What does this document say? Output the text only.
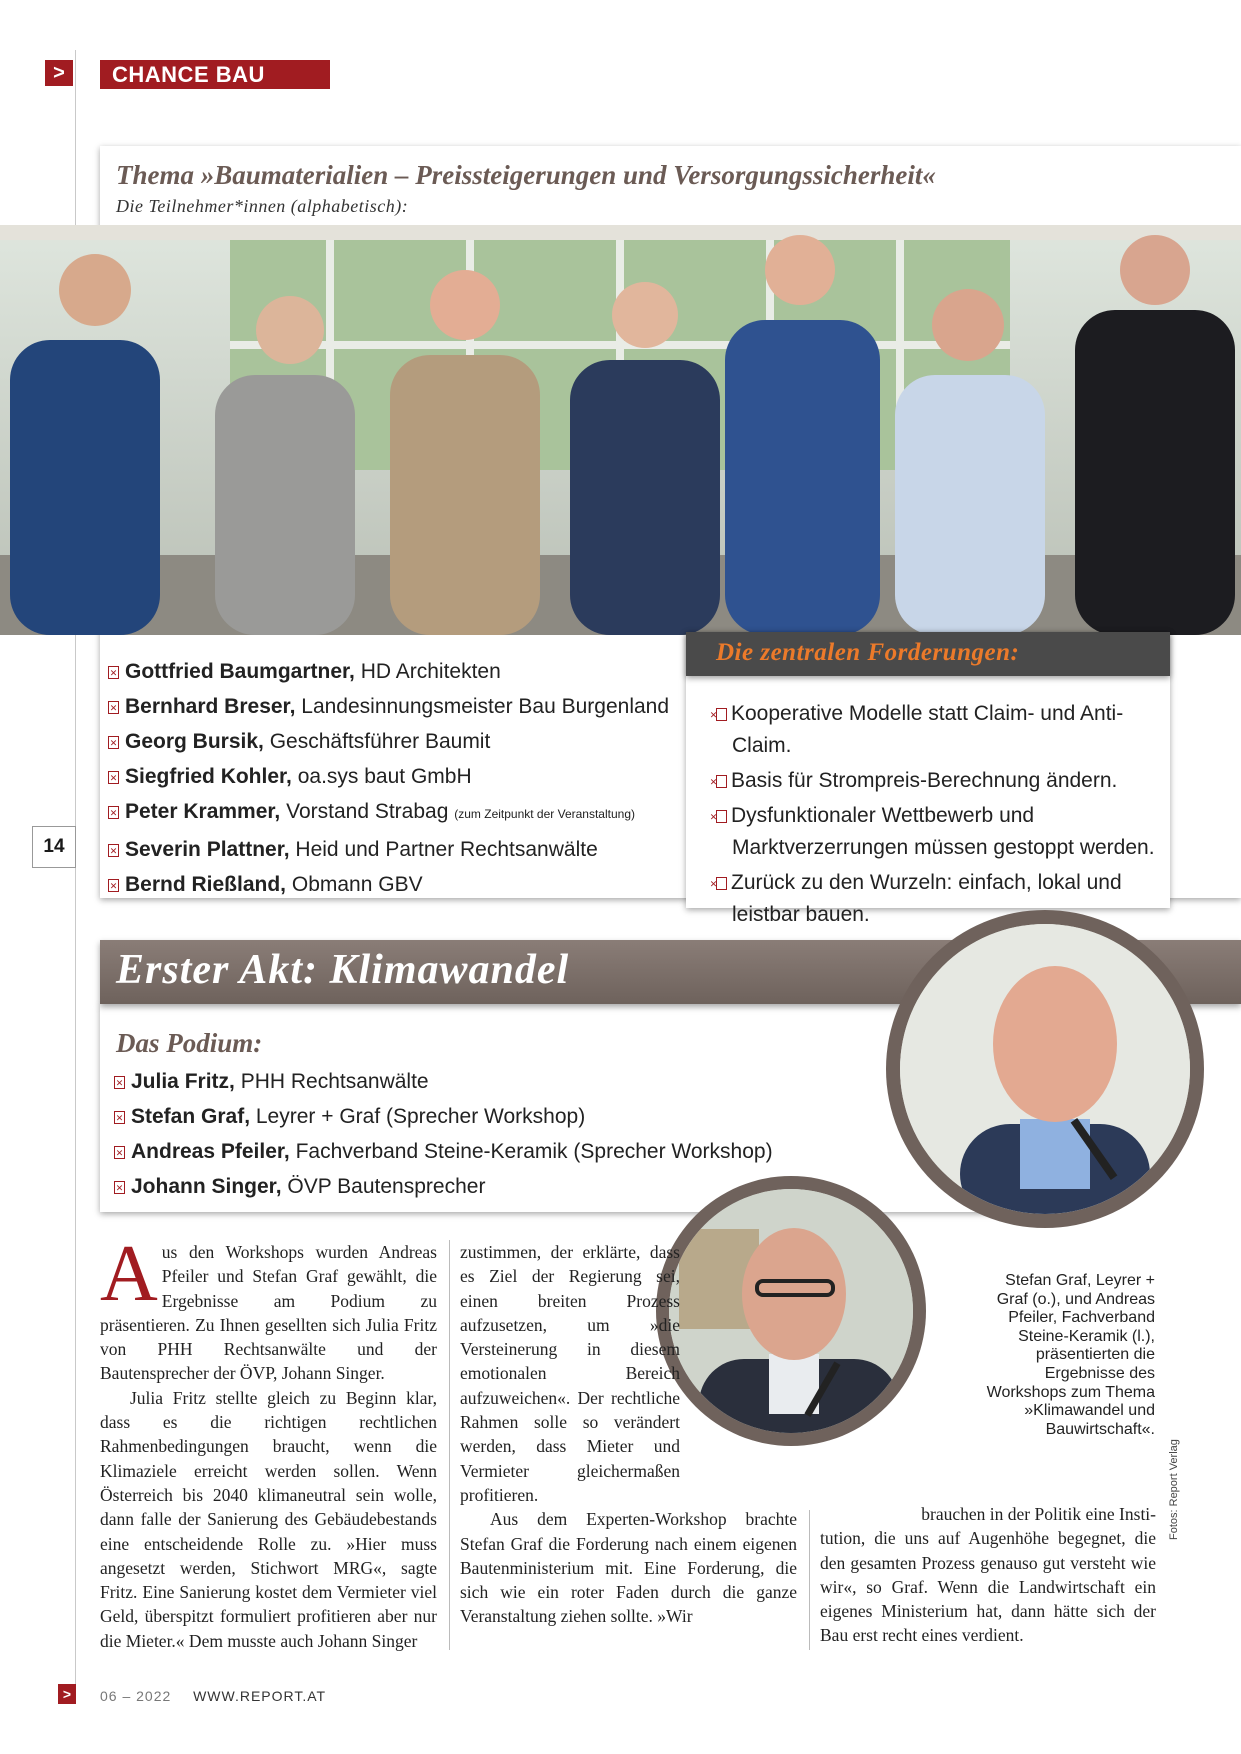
>	CHANCE BAU
Thema »Baumaterialien – Preissteigerungen und Versorgungssicherheit«
Die Teilnehmer*innen (alphabetisch):
✕ Gottfried Baumgartner, HD Architekten
✕ Bernhard Breser, Landesinnungsmeister Bau Burgenland
✕ Georg Bursik, Geschäftsführer Baumit
✕ Siegfried Kohler, oa.sys baut GmbH
✕ Peter Krammer, Vorstand Strabag (zum Zeitpunkt der Veranstaltung)
✕ Severin Plattner, Heid und Partner Rechtsanwälte
✕ Bernd Rießland, Obmann GBV
Die zentralen Forderungen:
✕ Kooperative Modelle statt Claim- und Anti-Claim.
✕ Basis für Strompreis-Berechnung ändern.
✕ Dysfunktionaler Wettbewerb und Marktverzerrungen müssen gestoppt werden.
✕ Zurück zu den Wurzeln: einfach, lokal und leistbar bauen.
14
Erster Akt: Klimawandel
Das Podium:
✕ Julia Fritz, PHH Rechtsanwälte
✕ Stefan Graf, Leyrer + Graf (Sprecher Workshop)
✕ Andreas Pfeiler, Fachverband Steine-Keramik (Sprecher Workshop)
✕ Johann Singer, ÖVP Bautensprecher
Aus den Workshops wurden Andreas Pfeiler und Stefan Graf gewählt, die Ergebnisse am Podium zu präsentieren. Zu Ihnen gesellten sich Julia Fritz von PHH Rechtsanwälte und der Bautensprecher der ÖVP, Johann Singer.
Julia Fritz stellte gleich zu Beginn klar, dass es die richtigen rechtlichen Rahmenbedingungen braucht, wenn die Klimaziele erreicht werden sollen. Wenn Österreich bis 2040 klimaneutral sein wolle, dann falle der Sanierung des Gebäudebestands eine entscheidende Rolle zu. »Hier muss angesetzt werden, Stichwort MRG«, sagte Fritz. Eine Sanierung kostet dem Vermieter viel Geld, überspitzt formuliert profitieren aber nur die Mieter.« Dem musste auch Johann Singer
zustimmen, der erklärte, dass es Ziel der Regierung sei, einen breiten Prozess aufzusetzen, um »die Versteinerung in diesem emotionalen Bereich aufzuweichen«. Der rechtliche Rahmen solle so verändert werden, dass Mieter und Vermieter gleichermaßen profitieren.
Aus dem Experten-Workshop brachte Stefan Graf die Forderung nach einem eigenen Bautenministerium mit. Eine Forderung, die sich wie ein roter Faden durch die ganze Veranstaltung ziehen sollte. »Wir
brauchen in der Politik eine Insti-
tution, die uns auf Augenhöhe begegnet, die den gesamten Prozess genauso gut versteht wie wir«, so Graf. Wenn die Landwirtschaft ein eigenes Ministerium hat, dann hätte sich der Bau erst recht eines verdient.
Stefan Graf, Leyrer + Graf (o.), und Andreas Pfeiler, Fachverband Steine-Keramik (l.), präsentierten die Ergebnisse des Workshops zum Thema »Klimawandel und Bauwirtschaft«.
Fotos: Report Verlag
>	06 – 2022 WWW.REPORT.AT
